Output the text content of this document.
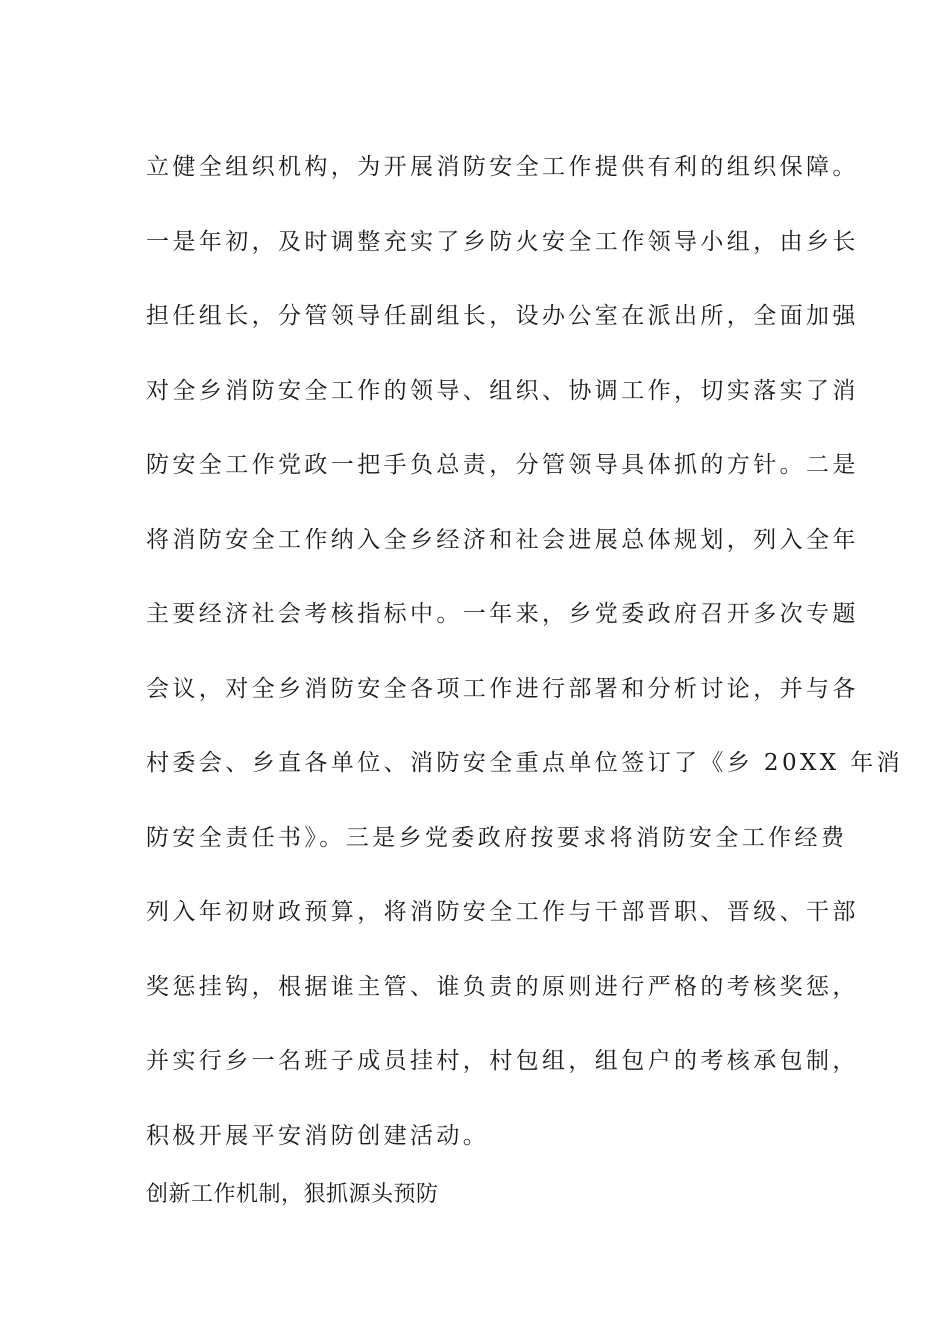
立健全组织机构，为开展消防安全工作提供有利的组织保障。
一是年初，及时调整充实了乡防火安全工作领导小组，由乡长
担任组长，分管领导任副组长，设办公室在派出所，全面加强
对全乡消防安全工作的领导、组织、协调工作，切实落实了消
防安全工作党政一把手负总责，分管领导具体抓的方针。二是
将消防安全工作纳入全乡经济和社会进展总体规划，列入全年
主要经济社会考核指标中。一年来，乡党委政府召开多次专题
会议，对全乡消防安全各项工作进行部署和分析讨论，并与各
村委会、乡直各单位、消防安全重点单位签订了《乡 20XX 年消
防安全责任书》。三是乡党委政府按要求将消防安全工作经费
列入年初财政预算，将消防安全工作与干部晋职、晋级、干部
奖惩挂钩，根据谁主管、谁负责的原则进行严格的考核奖惩，
并实行乡一名班子成员挂村，村包组，组包户的考核承包制，
积极开展平安消防创建活动。

创新工作机制，狠抓源头预防
